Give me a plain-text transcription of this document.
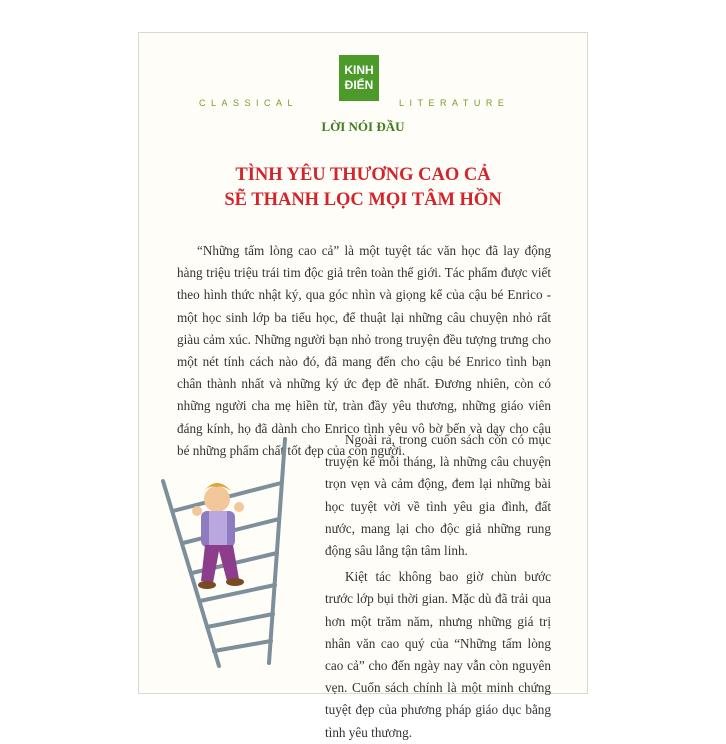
CLASSICAL	LITERATURE
KINH
ĐIỂN
LỜI NÓI ĐẦU
TÌNH YÊU THƯƠNG CAO CẢ
SẼ THANH LỌC MỌI TÂM HỒN

“Những tấm lòng cao cả” là một tuyệt tác văn học đã lay động hàng triệu triệu trái tim độc giả trên toàn thế giới. Tác phẩm được viết theo hình thức nhật ký, qua góc nhìn và giọng kể của cậu bé Enrico - một học sinh lớp ba tiểu học, để thuật lại những câu chuyện nhỏ rất giàu cảm xúc. Những người bạn nhỏ trong truyện đều tượng trưng cho một nét tính cách nào đó, đã mang đến cho cậu bé Enrico tình bạn chân thành nhất và những ký ức đẹp đẽ nhất. Đương nhiên, còn có những người cha mẹ hiền từ, tràn đầy yêu thương, những giáo viên đáng kính, họ đã dành cho Enrico tình yêu vô bờ bến và dạy cho cậu bé những phẩm chất tốt đẹp của con người.

Ngoài ra, trong cuốn sách còn có mục truyện kể mỗi tháng, là những câu chuyện trọn vẹn và cảm động, đem lại những bài học tuyệt vời về tình yêu gia đình, đất nước, mang lại cho độc giả những rung động sâu lắng tận tâm linh.

Kiệt tác không bao giờ chùn bước trước lớp bụi thời gian. Mặc dù đã trải qua hơn một trăm năm, nhưng những giá trị nhân văn cao quý của “Những tấm lòng cao cả” cho đến ngày nay vẫn còn nguyên vẹn. Cuốn sách chính là một minh chứng tuyệt đẹp của phương pháp giáo dục bằng tình yêu thương.
